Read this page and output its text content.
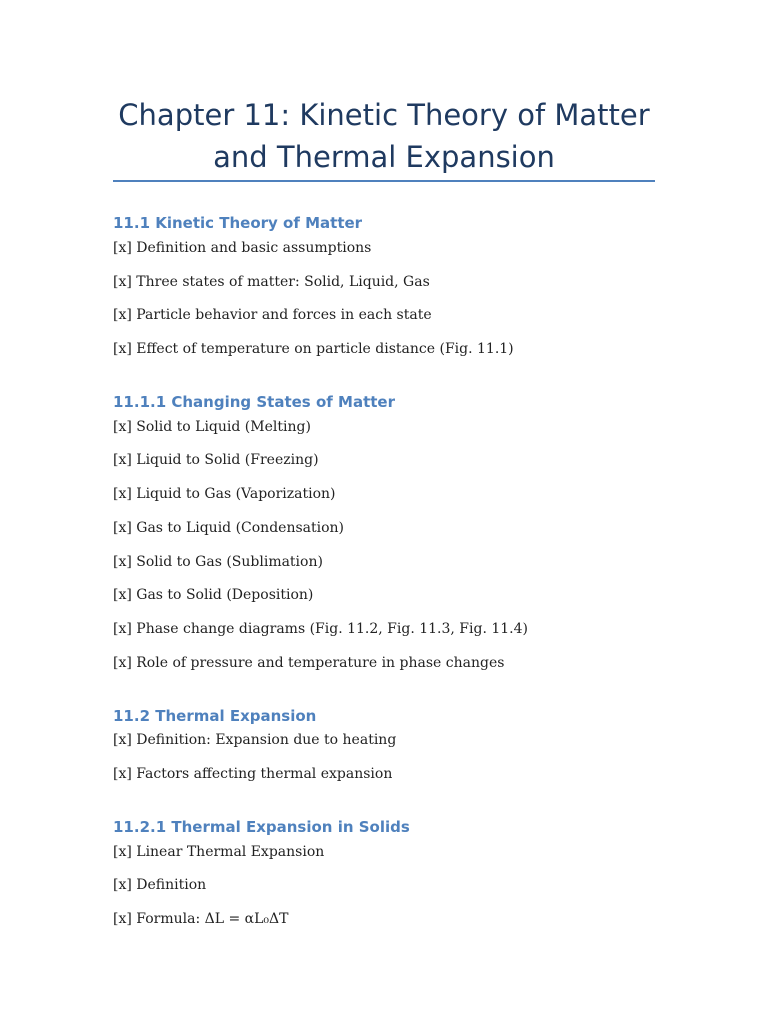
Chapter 11: Kinetic Theory of Matter and Thermal Expansion
11.1 Kinetic Theory of Matter

[x] Definition and basic assumptions

[x] Three states of matter: Solid, Liquid, Gas

[x] Particle behavior and forces in each state

[x] Effect of temperature on particle distance (Fig. 11.1)

11.1.1 Changing States of Matter

[x] Solid to Liquid (Melting)

[x] Liquid to Solid (Freezing)

[x] Liquid to Gas (Vaporization)

[x] Gas to Liquid (Condensation)

[x] Solid to Gas (Sublimation)

[x] Gas to Solid (Deposition)

[x] Phase change diagrams (Fig. 11.2, Fig. 11.3, Fig. 11.4)

[x] Role of pressure and temperature in phase changes

11.2 Thermal Expansion

[x] Definition: Expansion due to heating

[x] Factors affecting thermal expansion

11.2.1 Thermal Expansion in Solids

[x] Linear Thermal Expansion

[x] Definition

[x] Formula: ΔL = αL₀ΔT
